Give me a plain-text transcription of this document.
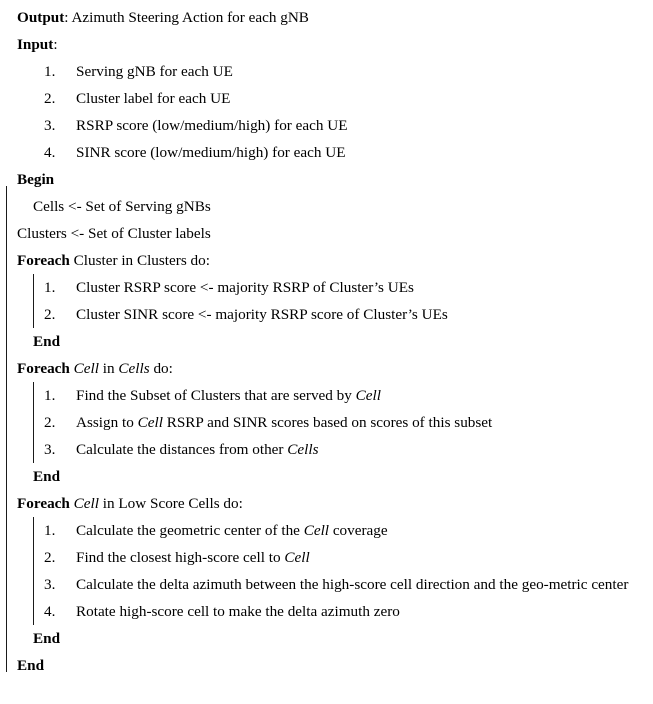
Output: Azimuth Steering Action for each gNB
Input:
1.	Serving gNB for each UE
2.	Cluster label for each UE
3.	RSRP score (low/medium/high) for each UE
4.	SINR score (low/medium/high) for each UE
Begin
Cells <- Set of Serving gNBs
Clusters <- Set of Cluster labels
Foreach Cluster in Clusters do:
1.	Cluster RSRP score <- majority RSRP of Cluster’s UEs
2.	Cluster SINR score <- majority RSRP score of Cluster’s UEs
End
Foreach Cell in Cells do:
1.	Find the Subset of Clusters that are served by Cell
2.	Assign to Cell RSRP and SINR scores based on scores of this subset
3.	Calculate the distances from other Cells
End
Foreach Cell in Low Score Cells do:
1.	Calculate the geometric center of the Cell coverage
2.	Find the closest high-score cell to Cell
3.	Calculate the delta azimuth between the high-score cell direction and the geo-metric center
4.	Rotate high-score cell to make the delta azimuth zero
End
End
